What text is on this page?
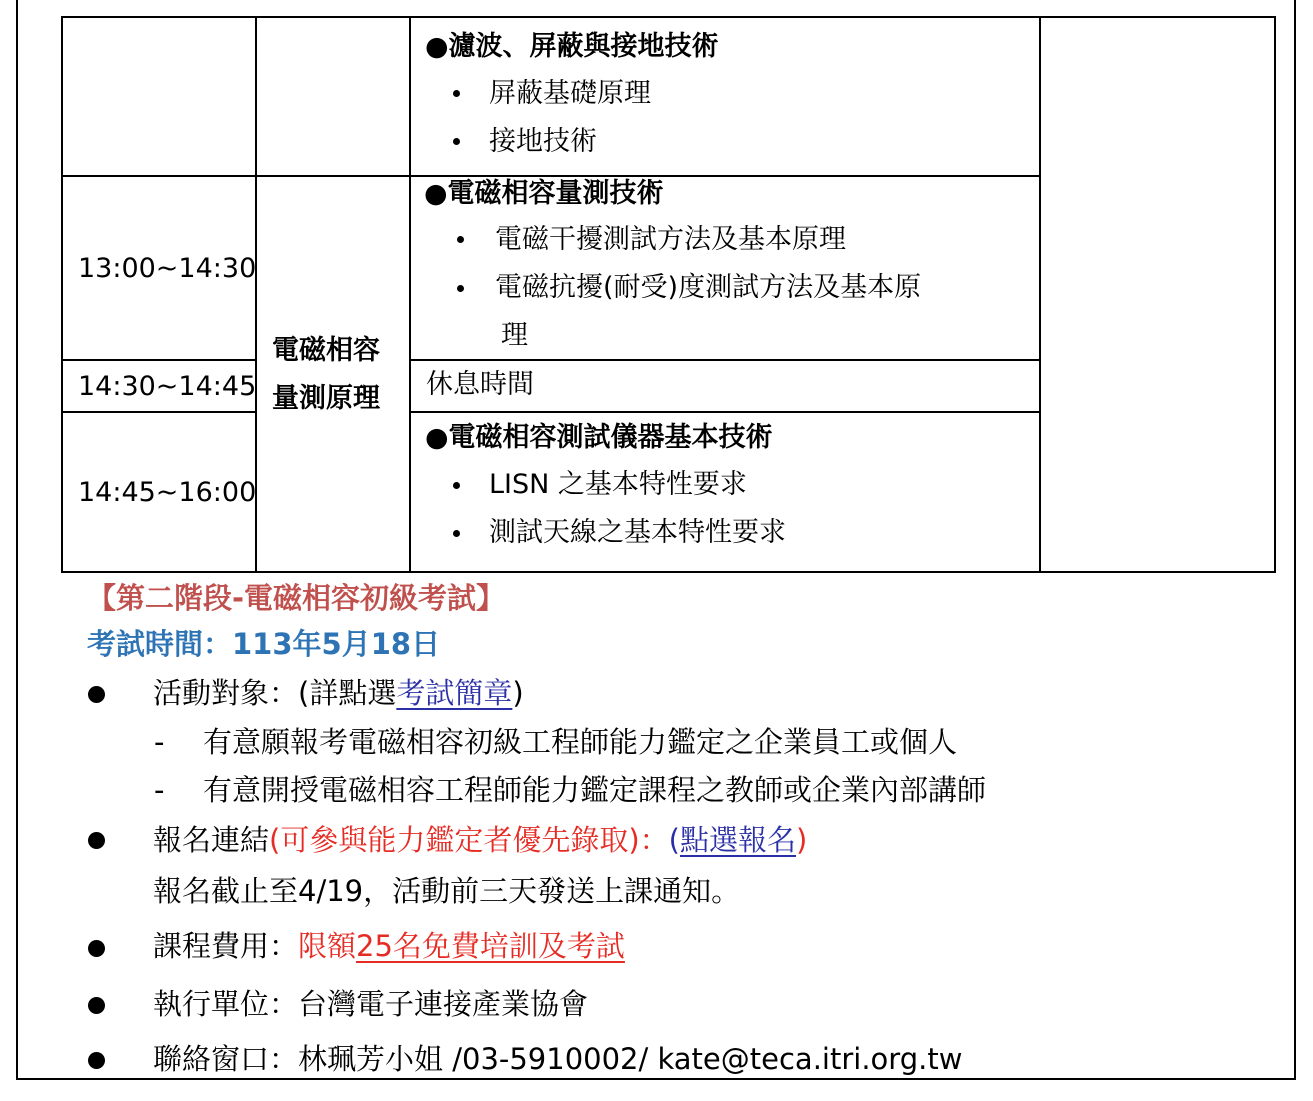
●濾波、屏蔽與接地技術
屏蔽基礎原理
接地技術
13:00~14:30
●電磁相容量測技術
電磁干擾測試方法及基本原理
電磁抗擾(耐受)度測試方法及基本原
理
電磁相容
量測原理
14:30~14:45	休息時間
14:45~16:00
●電磁相容測試儀器基本技術
LISN 之基本特性要求
測試天線之基本特性要求
【第二階段-電磁相容初級考試】
考試時間：113年5月18日
活動對象：(詳點選考試簡章)
- 有意願報考電磁相容初級工程師能力鑑定之企業員工或個人
- 有意開授電磁相容工程師能力鑑定課程之教師或企業內部講師
報名連結(可參與能力鑑定者優先錄取)：(點選報名)
報名截止至4/19，活動前三天發送上課通知。
課程費用：限額25名免費培訓及考試
執行單位：台灣電子連接產業協會
聯絡窗口：林珮芳小姐 /03-5910002/ kate@teca.itri.org.tw
